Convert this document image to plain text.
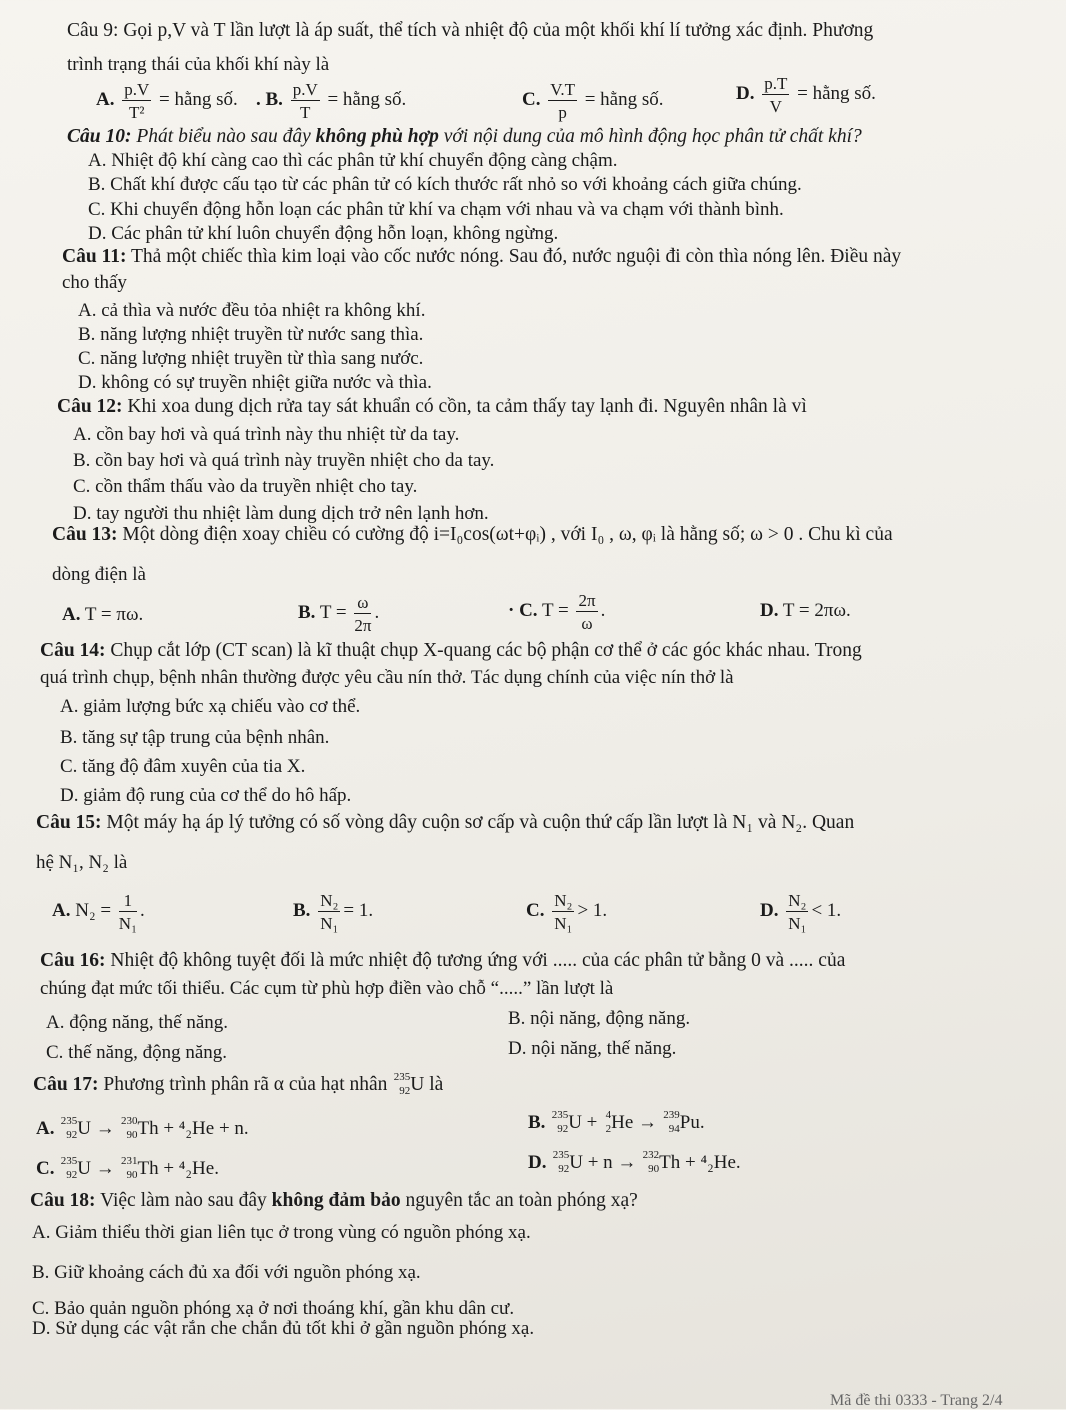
Câu 9: Gọi p,V và T lần lượt là áp suất, thể tích và nhiệt độ của một khối khí lí tưởng xác định. Phương
trình trạng thái của khối khí này là
A. $\frac{p.V}{\text{T²}}$ = hằng số. . B. $\frac{p.V}{T}$ = hằng số.	C. $\frac{V.T}{p}$ = hằng số.	D. $\frac{p.T}{V}$ = hằng số.
Câu 10: Phát biểu nào sau đây không phù hợp với nội dung của mô hình động học phân tử chất khí?
A. Nhiệt độ khí càng cao thì các phân tử khí chuyển động càng chậm.
B. Chất khí được cấu tạo từ các phân tử có kích thước rất nhỏ so với khoảng cách giữa chúng.
C. Khi chuyển động hỗn loạn các phân tử khí va chạm với nhau và va chạm với thành bình.
D. Các phân tử khí luôn chuyển động hỗn loạn, không ngừng.
Câu 11: Thả một chiếc thìa kim loại vào cốc nước nóng. Sau đó, nước nguội đi còn thìa nóng lên. Điều này
cho thấy
A. cả thìa và nước đều tỏa nhiệt ra không khí.
B. năng lượng nhiệt truyền từ nước sang thìa.
C. năng lượng nhiệt truyền từ thìa sang nước.
D. không có sự truyền nhiệt giữa nước và thìa.
Câu 12: Khi xoa dung dịch rửa tay sát khuẩn có cồn, ta cảm thấy tay lạnh đi. Nguyên nhân là vì
A. cồn bay hơi và quá trình này thu nhiệt từ da tay.
B. cồn bay hơi và quá trình này truyền nhiệt cho da tay.
C. cồn thẩm thấu vào da truyền nhiệt cho tay.
D. tay người thu nhiệt làm dung dịch trở nên lạnh hơn.
Câu 13: Một dòng điện xoay chiều có cường độ i=I₀cos(ωt+φᵢ) , với I₀ , ω, φᵢ là hằng số; ω > 0 . Chu kì của
dòng điện là
A. T = πω.	B. $T = \frac{\omega}{2\pi}$ .	· C. $T = \frac{2\pi}{\omega}$ .	D. T = 2πω.
Câu 14: Chụp cắt lớp (CT scan) là kĩ thuật chụp X-quang các bộ phận cơ thể ở các góc khác nhau. Trong
quá trình chụp, bệnh nhân thường được yêu cầu nín thở. Tác dụng chính của việc nín thở là
A. giảm lượng bức xạ chiếu vào cơ thể.
B. tăng sự tập trung của bệnh nhân.
C. tăng độ đâm xuyên của tia X.
D. giảm độ rung của cơ thể do hô hấp.
Câu 15: Một máy hạ áp lý tưởng có số vòng dây cuộn sơ cấp và cuộn thứ cấp lần lượt là N₁ và N₂. Quan
hệ N₁, N₂ là
A. $N_2 = \frac{1}{\text{N₁}}$ .	B. $\frac{\text{N₂}}{\text{N₁}} = 1$.	C. $\frac{\text{N₂}}{\text{N₁}} > 1$.	D. $\frac{\text{N₂}}{\text{N₁}} < 1$.
Câu 16: Nhiệt độ không tuyệt đối là mức nhiệt độ tương ứng với ..... của các phân tử bằng 0 và ..... của
chúng đạt mức tối thiểu. Các cụm từ phù hợp điền vào chỗ “.....” lần lượt là
A. động năng, thế năng.	B. nội năng, động năng.
C. thế năng, động năng.	D. nội năng, thế năng.
Câu 17: Phương trình phân rã α của hạt nhân 235
92 U là
A. 235
92 U → 230
90 Th + ⁴₂He + n.	B. 235
92 U + 4
2 He → 239
94 Pu.
C. 235
92 U → 231
90 Th + ⁴₂He.	D. 235
92 U + n → 232
90 Th + ⁴₂He.
Câu 18: Việc làm nào sau đây không đảm bảo nguyên tắc an toàn phóng xạ?
A. Giảm thiểu thời gian liên tục ở trong vùng có nguồn phóng xạ.
B. Giữ khoảng cách đủ xa đối với nguồn phóng xạ.
C. Bảo quản nguồn phóng xạ ở nơi thoáng khí, gần khu dân cư.
D. Sử dụng các vật rắn che chắn đủ tốt khi ở gần nguồn phóng xạ.
Mã đề thi 0333 - Trang 2/4
